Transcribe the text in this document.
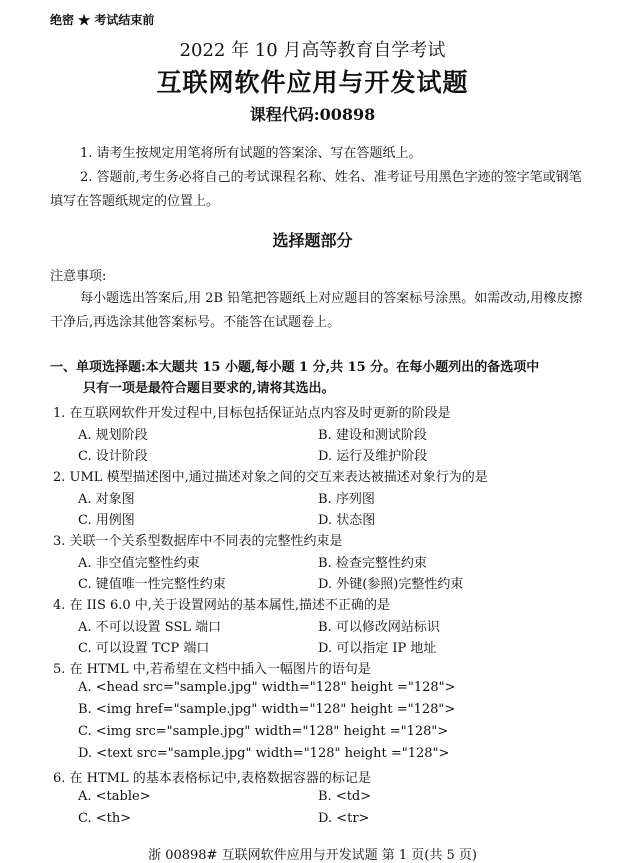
绝密 ★ 考试结束前
2022 年 10 月高等教育自学考试
互联网软件应用与开发试题
课程代码:00898
1. 请考生按规定用笔将所有试题的答案涂、写在答题纸上。
2. 答题前,考生务必将自己的考试课程名称、姓名、准考证号用黑色字迹的签字笔或钢笔填写在答题纸规定的位置上。
选择题部分
注意事项:
每小题选出答案后,用 2B 铅笔把答题纸上对应题目的答案标号涂黑。如需改动,用橡皮擦干净后,再选涂其他答案标号。不能答在试题卷上。
一、单项选择题:本大题共 15 小题,每小题 1 分,共 15 分。在每小题列出的备选项中
只有一项是最符合题目要求的,请将其选出。
1. 在互联网软件开发过程中,目标包括保证站点内容及时更新的阶段是
A. 规划阶段	B. 建设和测试阶段
C. 设计阶段	D. 运行及维护阶段
2. UML 模型描述图中,通过描述对象之间的交互来表达被描述对象行为的是
A. 对象图	B. 序列图
C. 用例图	D. 状态图
3. 关联一个关系型数据库中不同表的完整性约束是
A. 非空值完整性约束	B. 检查完整性约束
C. 键值唯一性完整性约束	D. 外键(参照)完整性约束
4. 在 IIS 6.0 中,关于设置网站的基本属性,描述不正确的是
A. 不可以设置 SSL 端口	B. 可以修改网站标识
C. 可以设置 TCP 端口	D. 可以指定 IP 地址
5. 在 HTML 中,若希望在文档中插入一幅图片的语句是
A. <head src="sample.jpg" width="128" height ="128">
B. <img href="sample.jpg" width="128" height ="128">
C. <img src="sample.jpg" width="128" height ="128">
D. <text src="sample.jpg" width="128" height ="128">
6. 在 HTML 的基本表格标记中,表格数据容器的标记是
A. <table>	B. <td>
C. <th>	D. <tr>
浙 00898# 互联网软件应用与开发试题 第 1 页(共 5 页)
